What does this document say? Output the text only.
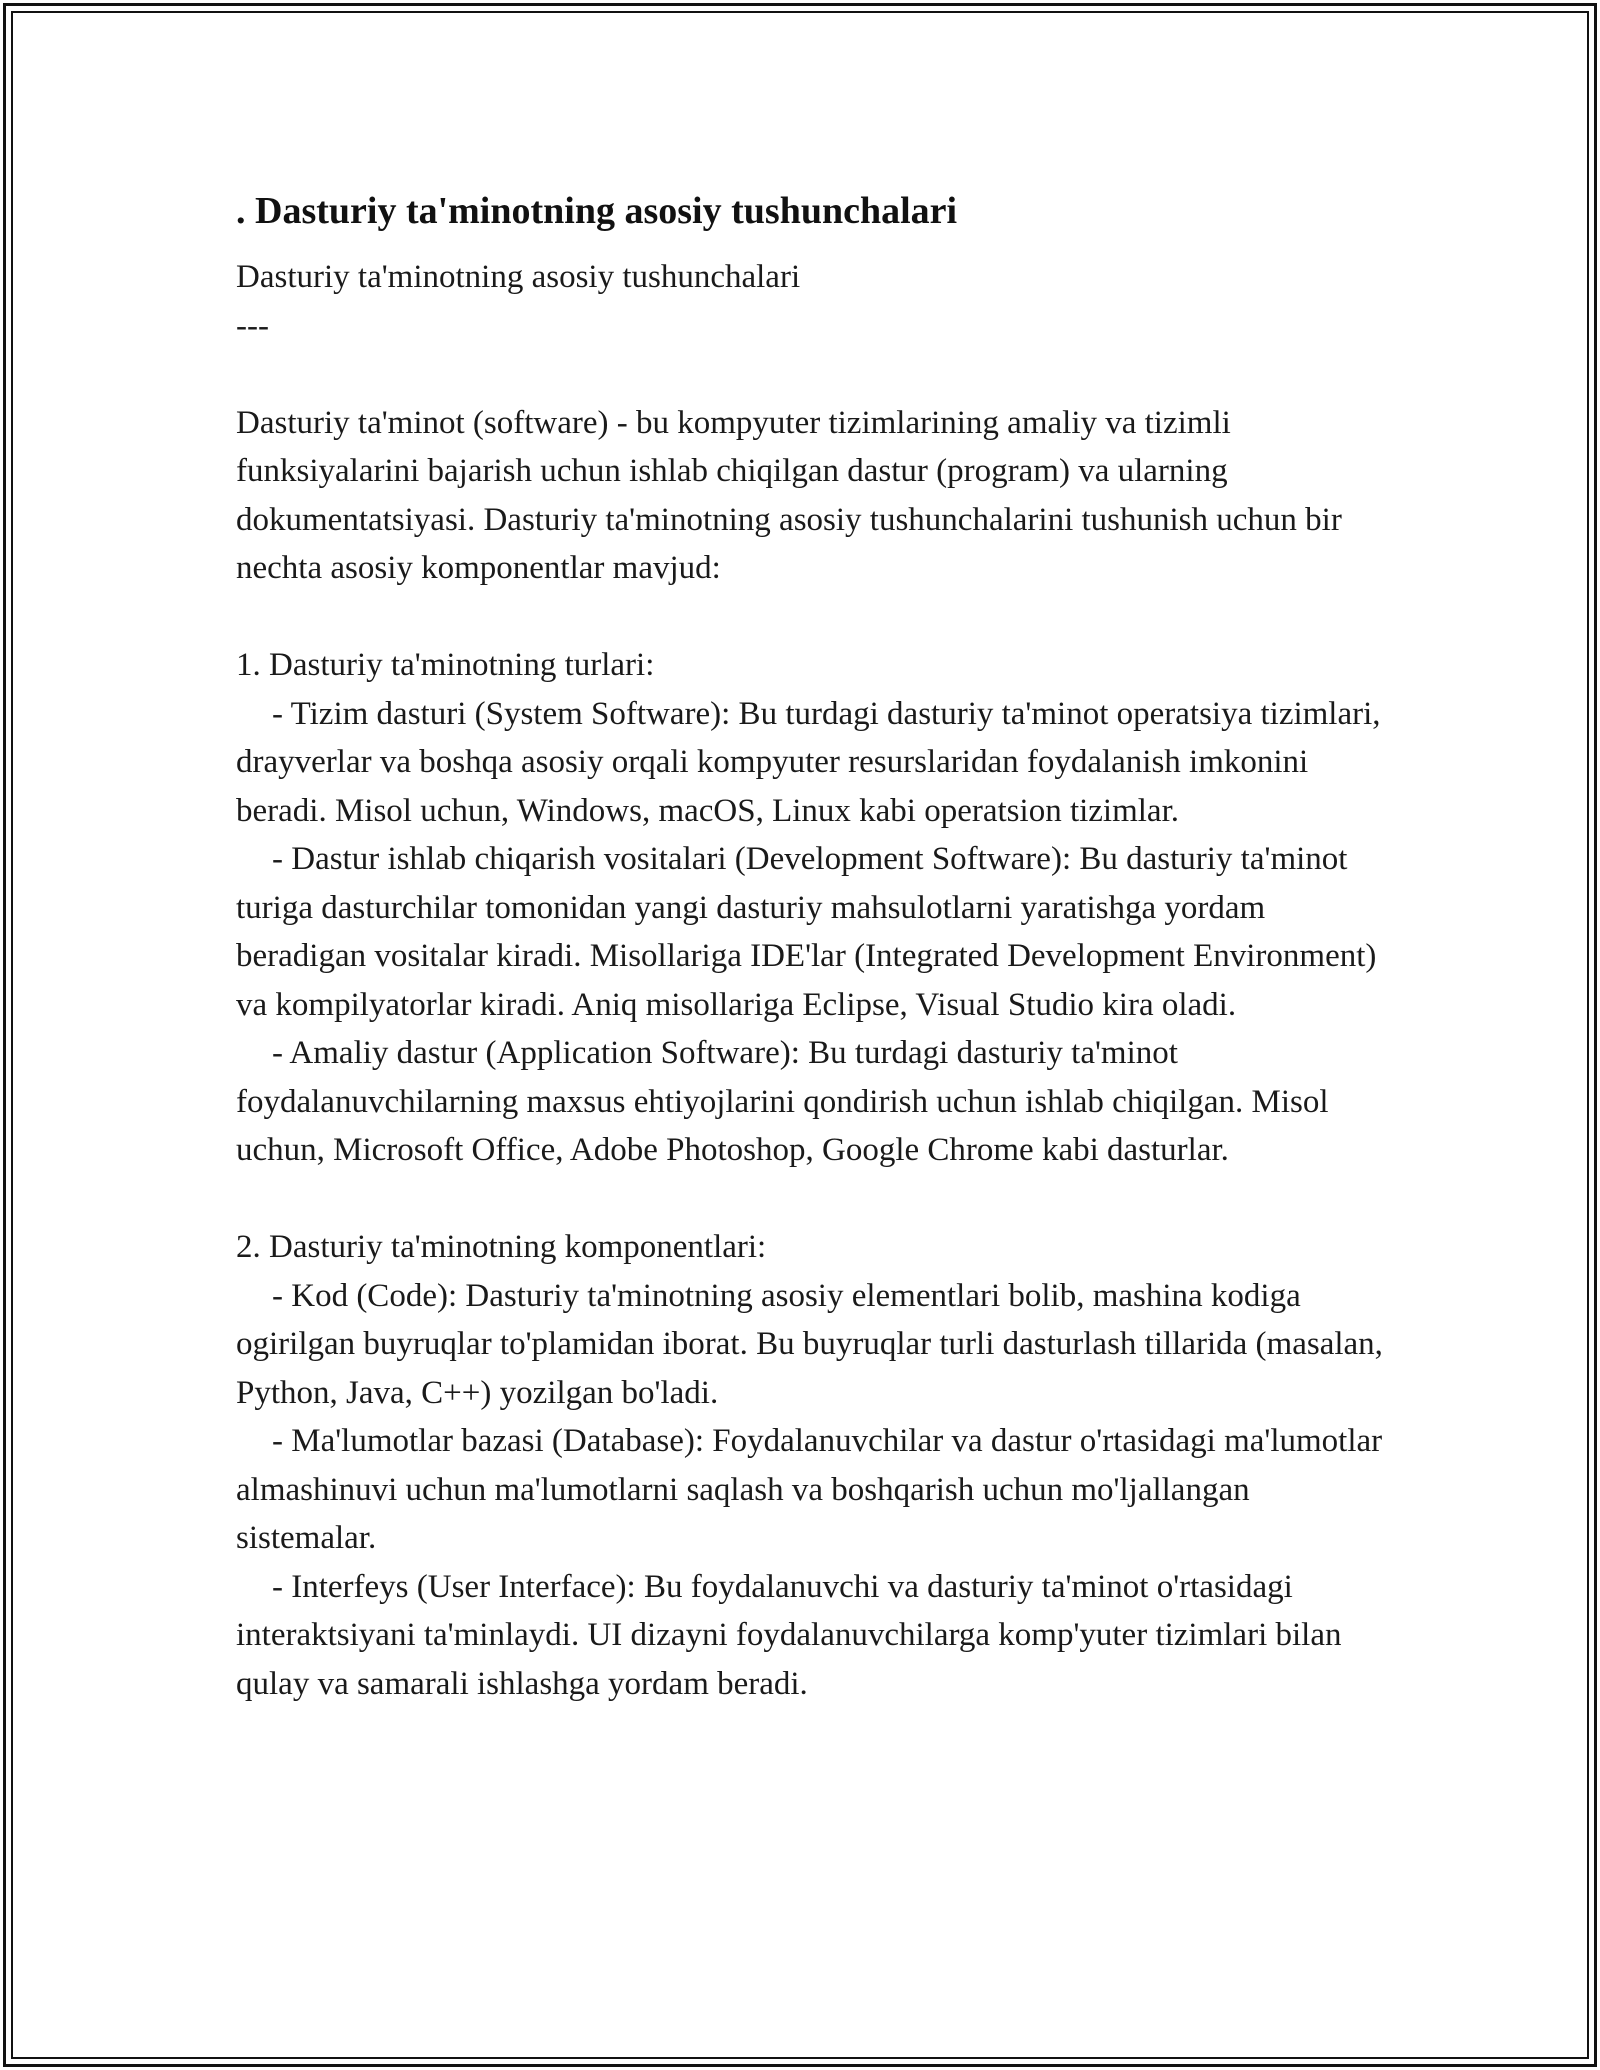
. Dasturiy ta'minotning asosiy tushunchalari

Dasturiy ta'minotning asosiy tushunchalari

---

Dasturiy ta'minot (software) - bu kompyuter tizimlarining amaliy va tizimli funksiyalarini bajarish uchun ishlab chiqilgan dastur (program) va ularning dokumentatsiyasi. Dasturiy ta'minotning asosiy tushunchalarini tushunish uchun bir nechta asosiy komponentlar mavjud:

1. Dasturiy ta'minotning turlari:

- Tizim dasturi (System Software): Bu turdagi dasturiy ta'minot operatsiya tizimlari, drayverlar va boshqa asosiy orqali kompyuter resurslaridan foydalanish imkonini beradi. Misol uchun, Windows, macOS, Linux kabi operatsion tizimlar.

- Dastur ishlab chiqarish vositalari (Development Software): Bu dasturiy ta'minot turiga dasturchilar tomonidan yangi dasturiy mahsulotlarni yaratishga yordam beradigan vositalar kiradi. Misollariga IDE'lar (Integrated Development Environment) va kompilyatorlar kiradi. Aniq misollariga Eclipse, Visual Studio kira oladi.

- Amaliy dastur (Application Software): Bu turdagi dasturiy ta'minot foydalanuvchilarning maxsus ehtiyojlarini qondirish uchun ishlab chiqilgan. Misol uchun, Microsoft Office, Adobe Photoshop, Google Chrome kabi dasturlar.

2. Dasturiy ta'minotning komponentlari:

- Kod (Code): Dasturiy ta'minotning asosiy elementlari bolib, mashina kodiga ogirilgan buyruqlar to'plamidan iborat. Bu buyruqlar turli dasturlash tillarida (masalan, Python, Java, C++) yozilgan bo'ladi.

- Ma'lumotlar bazasi (Database): Foydalanuvchilar va dastur o'rtasidagi ma'lumotlar almashinuvi uchun ma'lumotlarni saqlash va boshqarish uchun mo'ljallangan sistemalar.

- Interfeys (User Interface): Bu foydalanuvchi va dasturiy ta'minot o'rtasidagi interaktsiyani ta'minlaydi. UI dizayni foydalanuvchilarga komp'yuter tizimlari bilan qulay va samarali ishlashga yordam beradi.
